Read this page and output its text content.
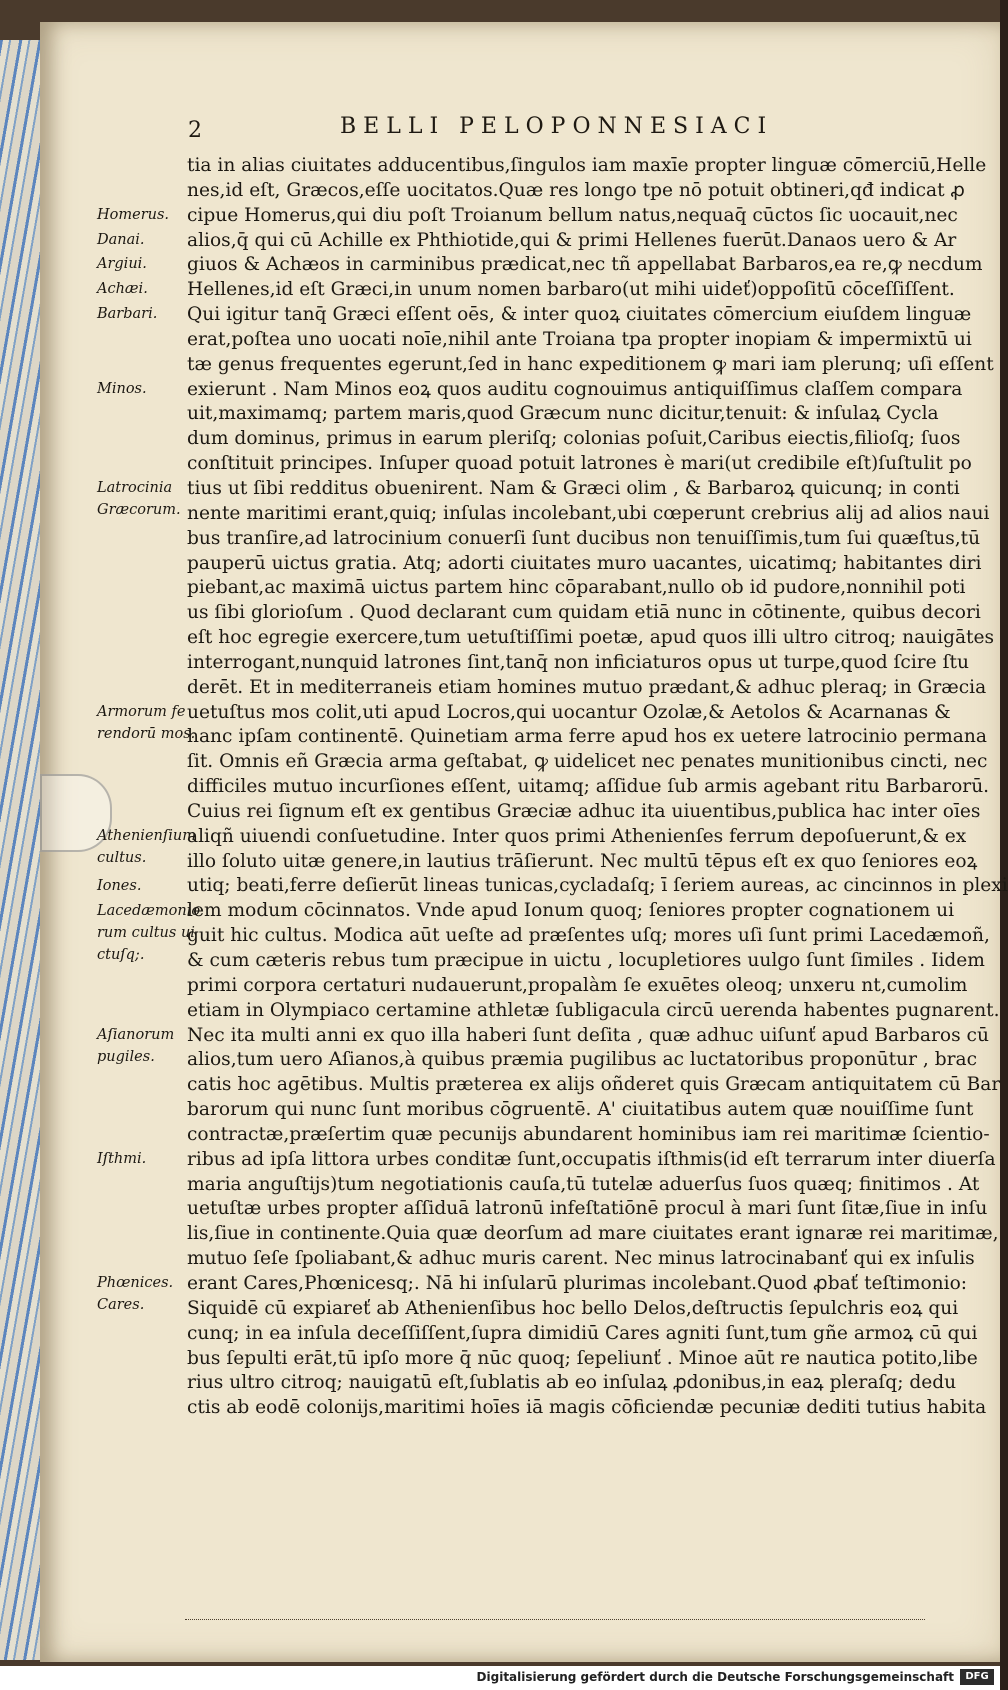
2	BELLI PELOPONNESIACI
tia in alias ciuitates adducentibus,ſingulos iam maxīe propter linguæ cōmerciū,Helle
nes,id eſt, Græcos,eſſe uocitatos.Quæ res longo tpe nō potuit obtineri,qđ indicat ꝓ
cipue Homerus,qui diu poſt Troianum bellum natus,nequaq̄ cūctos ſic uocauit,nec
alios,q̄ qui cū Achille ex Phthiotide,qui & primi Hellenes fuerūt.Danaos uero & Ar
giuos & Achæos in carminibus prædicat,nec tñ appellabat Barbaros,ea re,ꝙ necdum
Hellenes,id eſt Græci,in unum nomen barbaro(ut mihi uideť)oppoſitū cōceſſiſſent.
Qui igitur tanq̄ Græci eſſent oēs, & inter quoꝝ ciuitates cōmercium eiuſdem linguæ
erat,poſtea uno uocati noīe,nihil ante Troiana tpa propter inopiam & impermixtū ui
tæ genus frequentes egerunt,ſed in hanc expeditionem ꝙ mari iam plerunq; uſi eſſent
exierunt . Nam Minos eoꝝ quos auditu cognouimus antiquiſſimus claſſem compara
uit,maximamq; partem maris,quod Græcum nunc dicitur,tenuit: & inſulaꝝ Cycla
dum dominus, primus in earum pleriſq; colonias poſuit,Caribus eiectis,filioſq; ſuos
conſtituit principes. Inſuper quoad potuit latrones è mari(ut credibile eſt)ſuſtulit po
tius ut ſibi redditus obuenirent. Nam & Græci olim , & Barbaroꝝ quicunq; in conti
nente maritimi erant,quiq; inſulas incolebant,ubi cœperunt crebrius alij ad alios naui
bus tranſire,ad latrocinium conuerſi ſunt ducibus non tenuiſſimis,tum ſui quæſtus,tū
pauperū uictus gratia. Atq; adorti ciuitates muro uacantes, uicatimq; habitantes diri
piebant,ac maximā uictus partem hinc cōparabant,nullo ob id pudore,nonnihil poti
us ſibi glorioſum . Quod declarant cum quidam etiā nunc in cōtinente, quibus decori
eſt hoc egregie exercere,tum uetuſtiſſimi poetæ, apud quos illi ultro citroq; nauigātes
interrogant,nunquid latrones ſint,tanq̄ non inficiaturos opus ut turpe,quod ſcire ſtu
derēt. Et in mediterraneis etiam homines mutuo prædant,& adhuc pleraq; in Græcia
uetuſtus mos colit,uti apud Locros,qui uocantur Ozolæ,& Aetolos & Acarnanas &
hanc ipſam continentē. Quinetiam arma ferre apud hos ex uetere latrocinio permana
ſit. Omnis eñ Græcia arma geſtabat, ꝙ uidelicet nec penates munitionibus cincti, nec
difficiles mutuo incurſiones eſſent, uitamq; aſſidue ſub armis agebant ritu Barbarorū.
Cuius rei ſignum eſt ex gentibus Græciæ adhuc ita uiuentibus,publica hac inter oīes
aliqñ uiuendi conſuetudine. Inter quos primi Athenienſes ferrum depoſuerunt,& ex
illo ſoluto uitæ genere,in lautius trāſierunt. Nec multū tēpus eſt ex quo ſeniores eoꝝ
utiq; beati,ferre deſierūt lineas tunicas,cycladaſq; ī ſeriem aureas, ac cincinnos in plexi
lem modum cōcinnatos. Vnde apud Ionum quoq; ſeniores propter cognationem ui
guit hic cultus. Modica aūt ueſte ad præſentes uſq; mores uſi ſunt primi Lacedæmoñ,
& cum cæteris rebus tum præcipue in uictu , locupletiores uulgo ſunt ſimiles . Iidem
primi corpora certaturi nudauerunt,propalàm ſe exuētes oleoq; unxeru nt,cumolim
etiam in Olympiaco certamine athletæ ſubligacula circū uerenda habentes pugnarent.
Nec ita multi anni ex quo illa haberi ſunt deſita , quæ adhuc uiſunť apud Barbaros cū
alios,tum uero Aſianos,à quibus præmia pugilibus ac luctatoribus proponūtur , brac
catis hoc agētibus. Multis præterea ex alijs oñderet quis Græcam antiquitatem cū Bar
barorum qui nunc ſunt moribus cōgruentē. A' ciuitatibus autem quæ nouiſſime ſunt
contractæ,præſertim quæ pecunijs abundarent hominibus iam rei maritimæ ſcientio-
ribus ad ipſa littora urbes conditæ ſunt,occupatis iſthmis(id eſt terrarum inter diuerſa
maria anguſtijs)tum negotiationis cauſa,tū tutelæ aduerſus ſuos quæq; finitimos . At
uetuſtæ urbes propter aſſiduā latronū infeſtatiōnē procul à mari ſunt ſitæ,ſiue in inſu
lis,ſiue in continente.Quia quæ deorſum ad mare ciuitates erant ignaræ rei maritimæ,
mutuo ſeſe ſpoliabant,& adhuc muris carent. Nec minus latrocinabanť qui ex inſulis
erant Cares,Phœnicesq;. Nā hi inſularū plurimas incolebant.Quod ꝓbať teſtimonio:
Siquidē cū expiareť ab Athenienſibus hoc bello Delos,deſtructis ſepulchris eoꝝ qui
cunq; in ea inſula deceſſiſſent,ſupra dimidiū Cares agniti ſunt,tum gñe armoꝝ cū qui
bus ſepulti erāt,tū ipſo more q̄ nūc quoq; ſepeliunť . Minoe aūt re nautica potito,libe
rius ultro citroq; nauigatū eſt,ſublatis ab eo inſulaꝝ ꝓdonibus,in eaꝝ pleraſq; dedu
ctis ab eodē colonijs,maritimi hoīes iā magis cōficiendæ pecuniæ dediti tutius habita
Homerus.
Danai.
Argiui.
Achæi.
Barbari.
Minos.
Latrocinia
Græcorum.
Armorum fe
rendorū mos.
Athenienſium
cultus.
Iones.
Lacedæmonio
rum cultus ui
ctuſq;.
Aſianorum
pugiles.
Iſthmi.
Phœnices.
Cares.
Digitalisierung gefördert durch die Deutsche Forschungsgemeinschaft	DFG
